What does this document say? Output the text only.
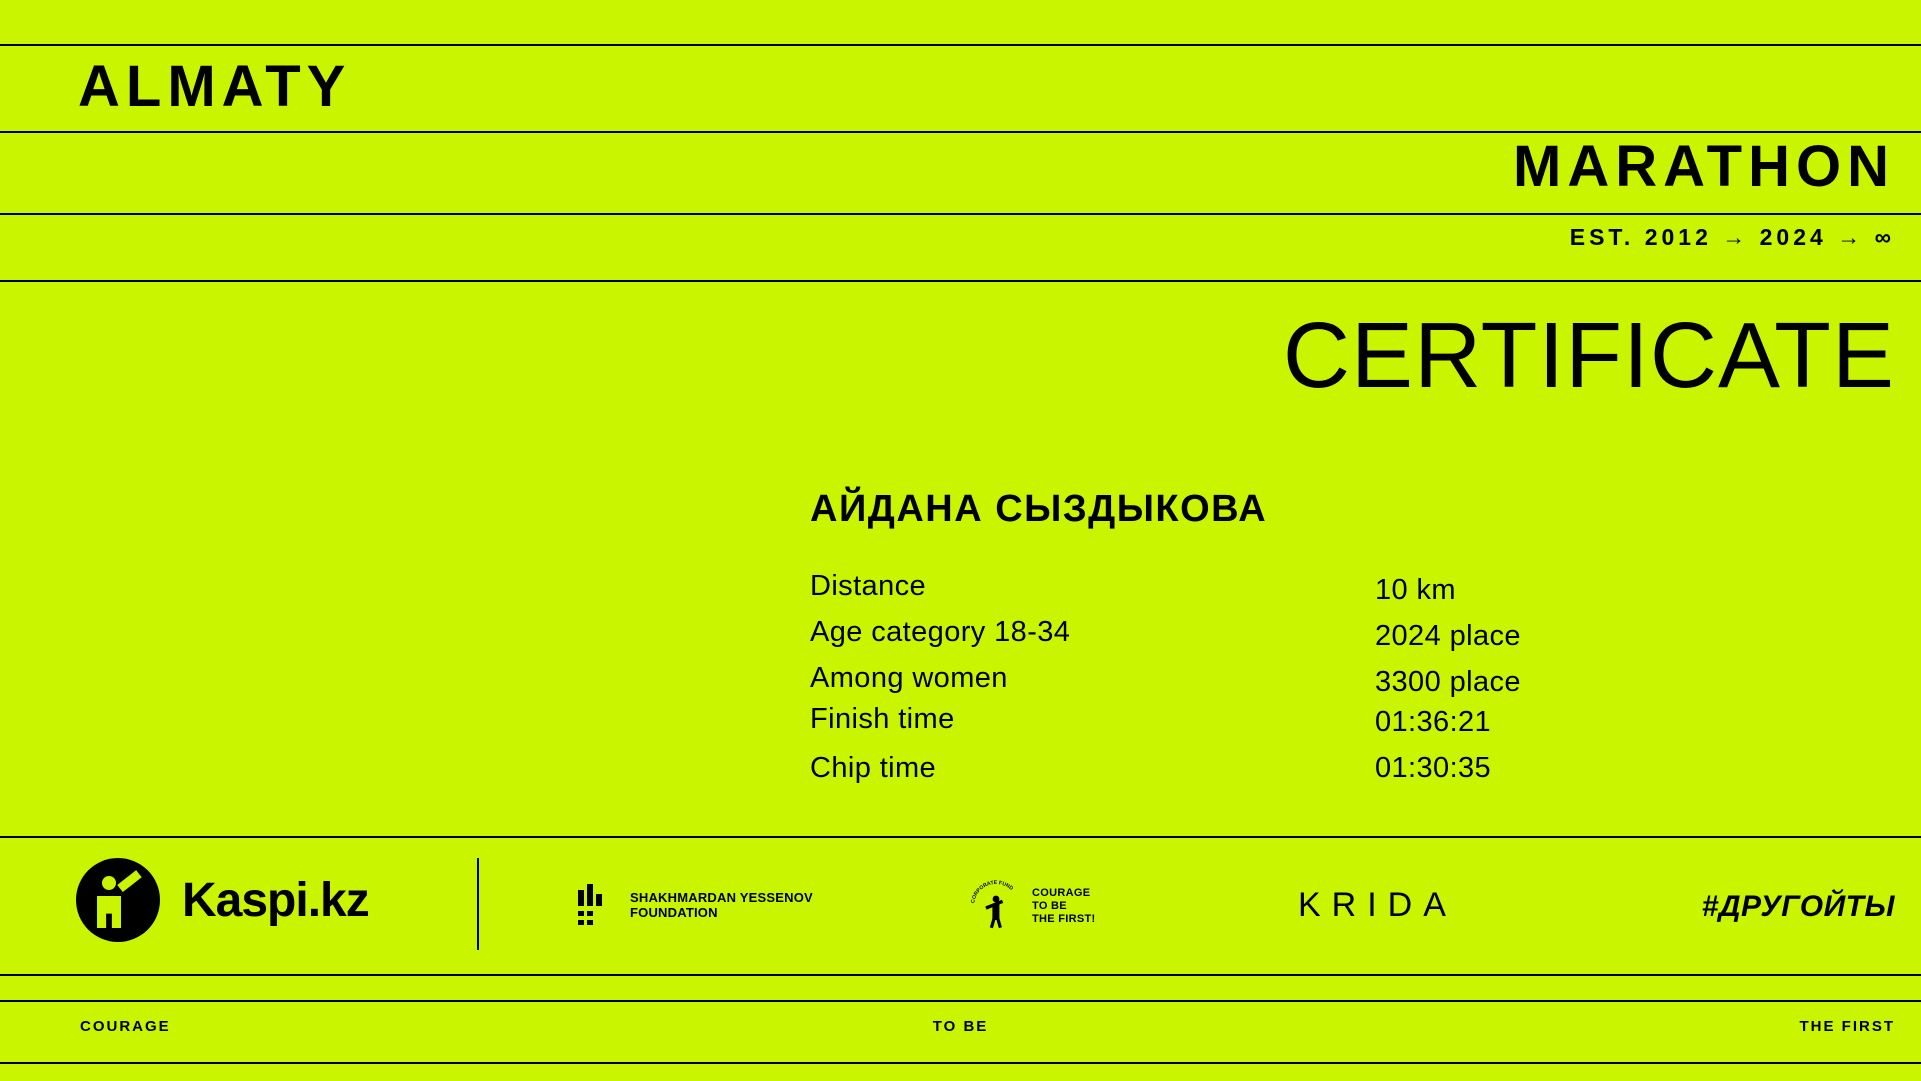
ALMATY
MARATHON
EST. 2012 → 2024 → ∞
CERTIFICATE
АЙДАНА СЫЗДЫКОВА
Distance	10 km
Age category 18-34	2024 place
Among women	3300 place
Finish time	01:36:21
Chip time	01:30:35
Kaspi.kz	SHAKHMARDAN YESSENOV
FOUNDATION
CORPORATE FUND COURAGE
TO BE
THE FIRST!	KRIDA	#ДРУГОЙТЫ
COURAGE	TO BE	THE FIRST
